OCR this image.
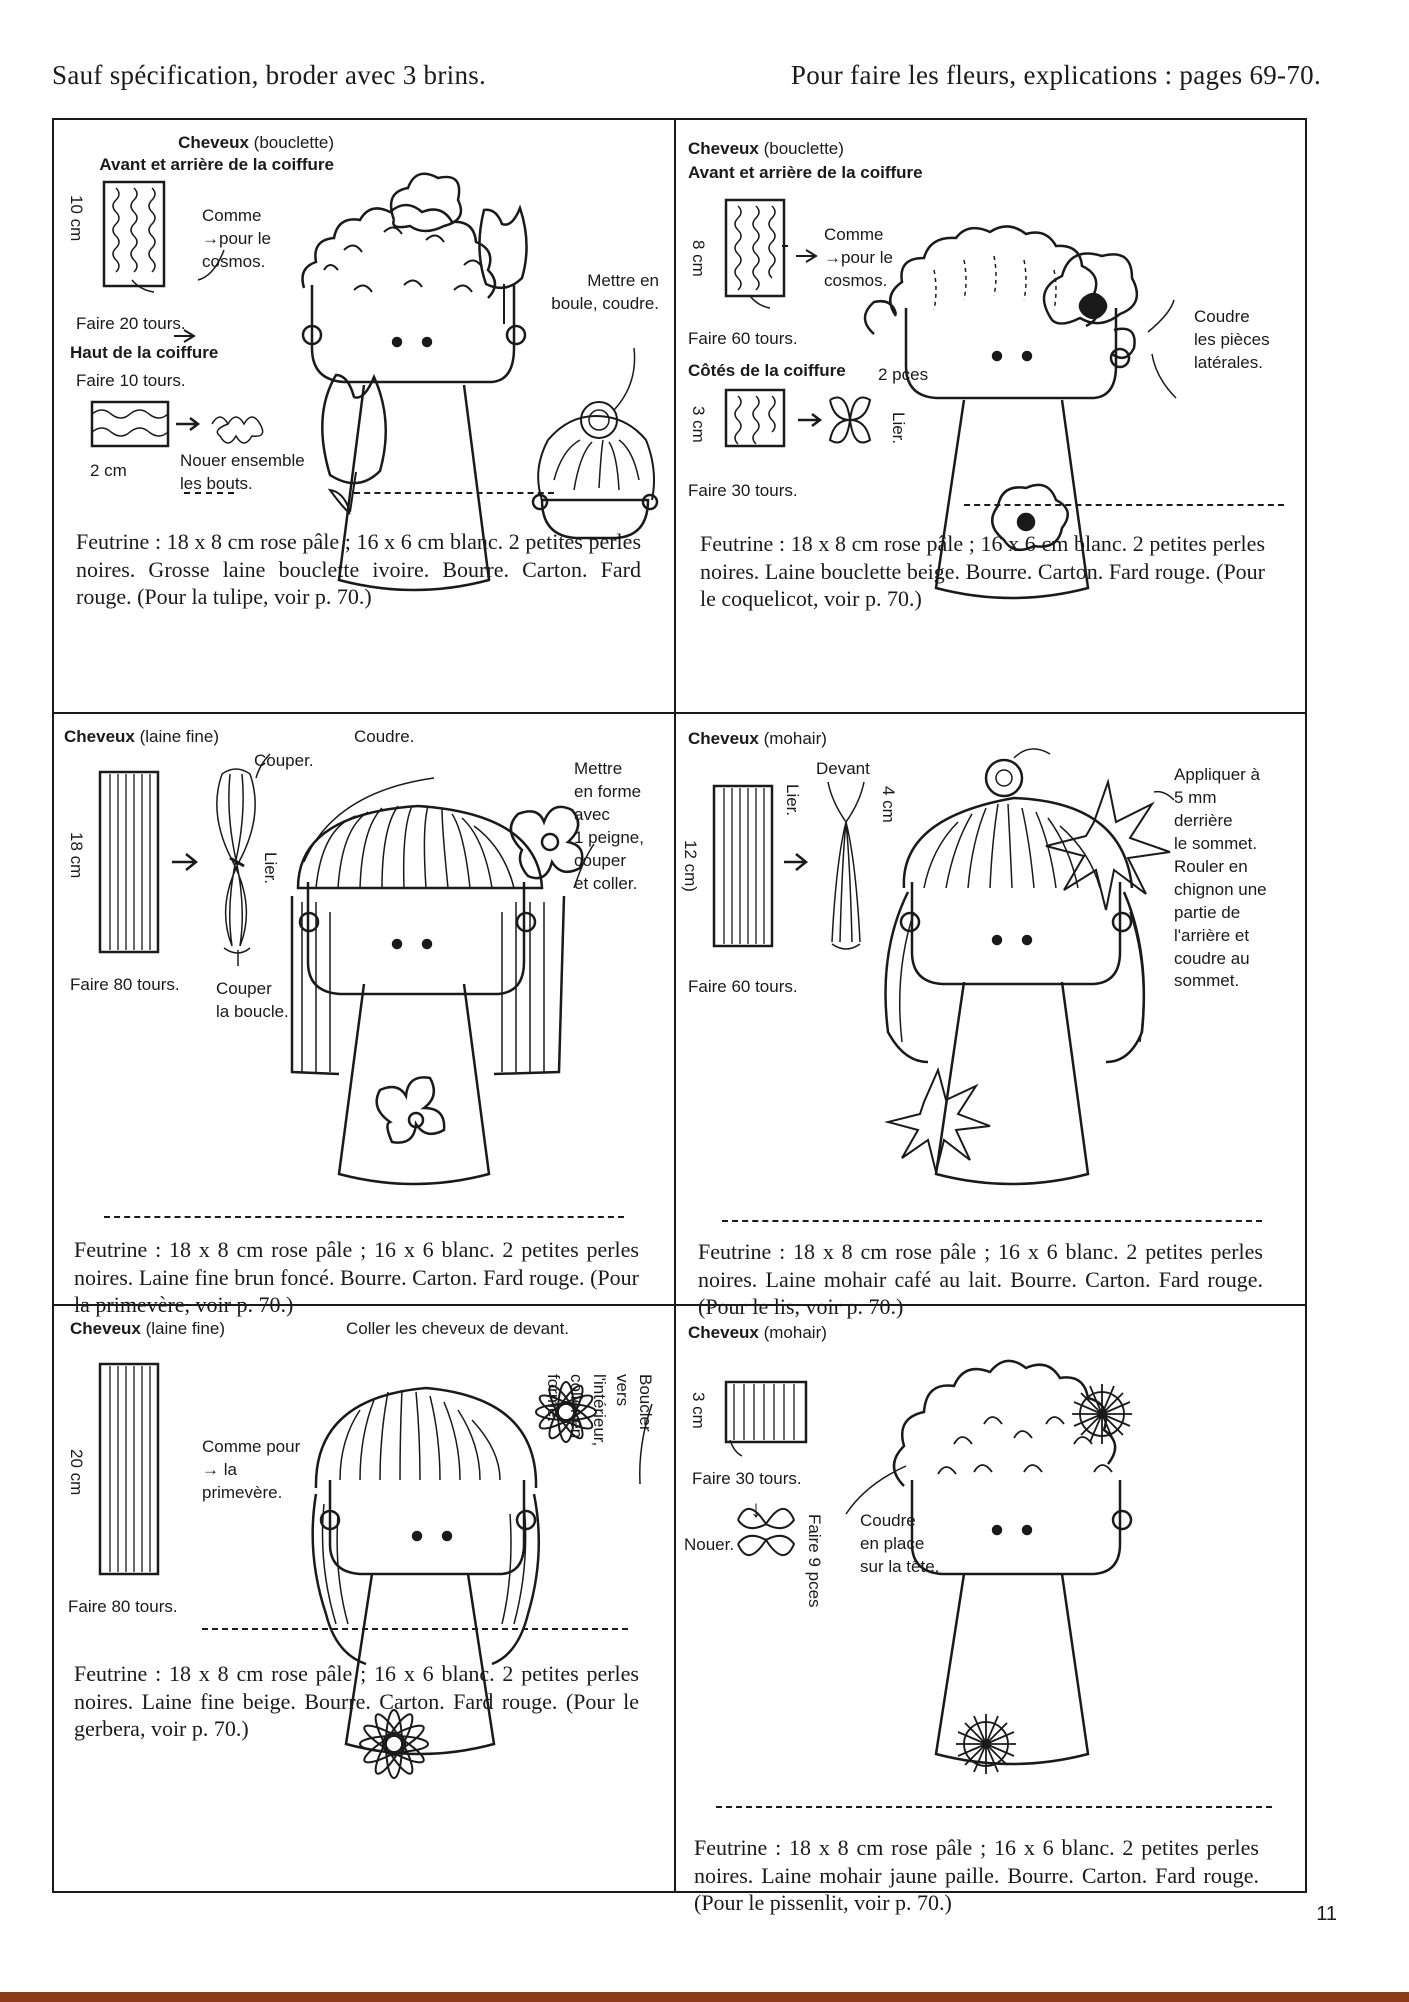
Sauf spécification, broder avec 3 brins.	Pour faire les fleurs, explications : pages 69-70.
Cheveux (bouclette)
Avant et arrière de la coiffure
10 cm	Comme
→pour le
cosmos.
Faire 20 tours.
Haut de la coiffure
Faire 10 tours.
2 cm
Nouer ensemble
les bouts.
Mettre en
boule, coudre.
Feutrine : 18 x 8 cm rose pâle ; 16 x 6 cm blanc. 2 petites perles noires. Grosse laine bouclette ivoire. Bourre. Carton. Fard rouge. (Pour la tulipe, voir p. 70.)
Cheveux (bouclette)
Avant et arrière de la coiffure
8 cm
Comme
→pour le
cosmos.
Faire 60 tours.
Côtés de la coiffure 2 pces
3 cm
Faire 30 tours.
Lier.
Coudre
les pièces
latérales.
Feutrine : 18 x 8 cm rose pâle ; 16 x 6 cm blanc. 2 petites perles noires. Laine bouclette beige. Bourre. Carton. Fard rouge. (Pour le coquelicot, voir p. 70.)
Cheveux (laine fine)	Coudre.
Couper.
18 cm	Lier.
Faire 80 tours. Couper
la boucle.
Mettre
en forme
avec
1 peigne,
couper
et coller.
Feutrine : 18 x 8 cm rose pâle ; 16 x 6 blanc. 2 petites perles noires. Laine fine brun foncé. Bourre. Carton. Fard rouge. (Pour la primevère, voir p. 70.)
Cheveux (mohair)
Devant
Lier.	4 cm
12 cm)
Faire 60 tours.
Appliquer à
5 mm
derrière
le sommet.
Rouler en
chignon une
partie de
l'arrière et
coudre au
sommet.
Feutrine : 18 x 8 cm rose pâle ; 16 x 6 blanc. 2 petites perles noires. Laine mohair café au lait. Bourre. Carton. Fard rouge. (Pour le lis, voir p. 70.)
Cheveux (laine fine)	Coller les cheveux de devant.
20 cm
Comme pour
→ la
primevère.
Faire 80 tours.
Boucler vers l'intérieur,
coller en forme.
Feutrine : 18 x 8 cm rose pâle ; 16 x 6 blanc. 2 petites perles noires. Laine fine beige. Bourre. Carton. Fard rouge. (Pour le gerbera, voir p. 70.)
Cheveux (mohair)
3 cm
Faire 30 tours.
↓
Nouer.	Faire 9 pces Coudre
en place
sur la tête.
Feutrine : 18 x 8 cm rose pâle ; 16 x 6 blanc. 2 petites perles noires. Laine mohair jaune paille. Bourre. Carton. Fard rouge. (Pour le pissenlit, voir p. 70.)	11
